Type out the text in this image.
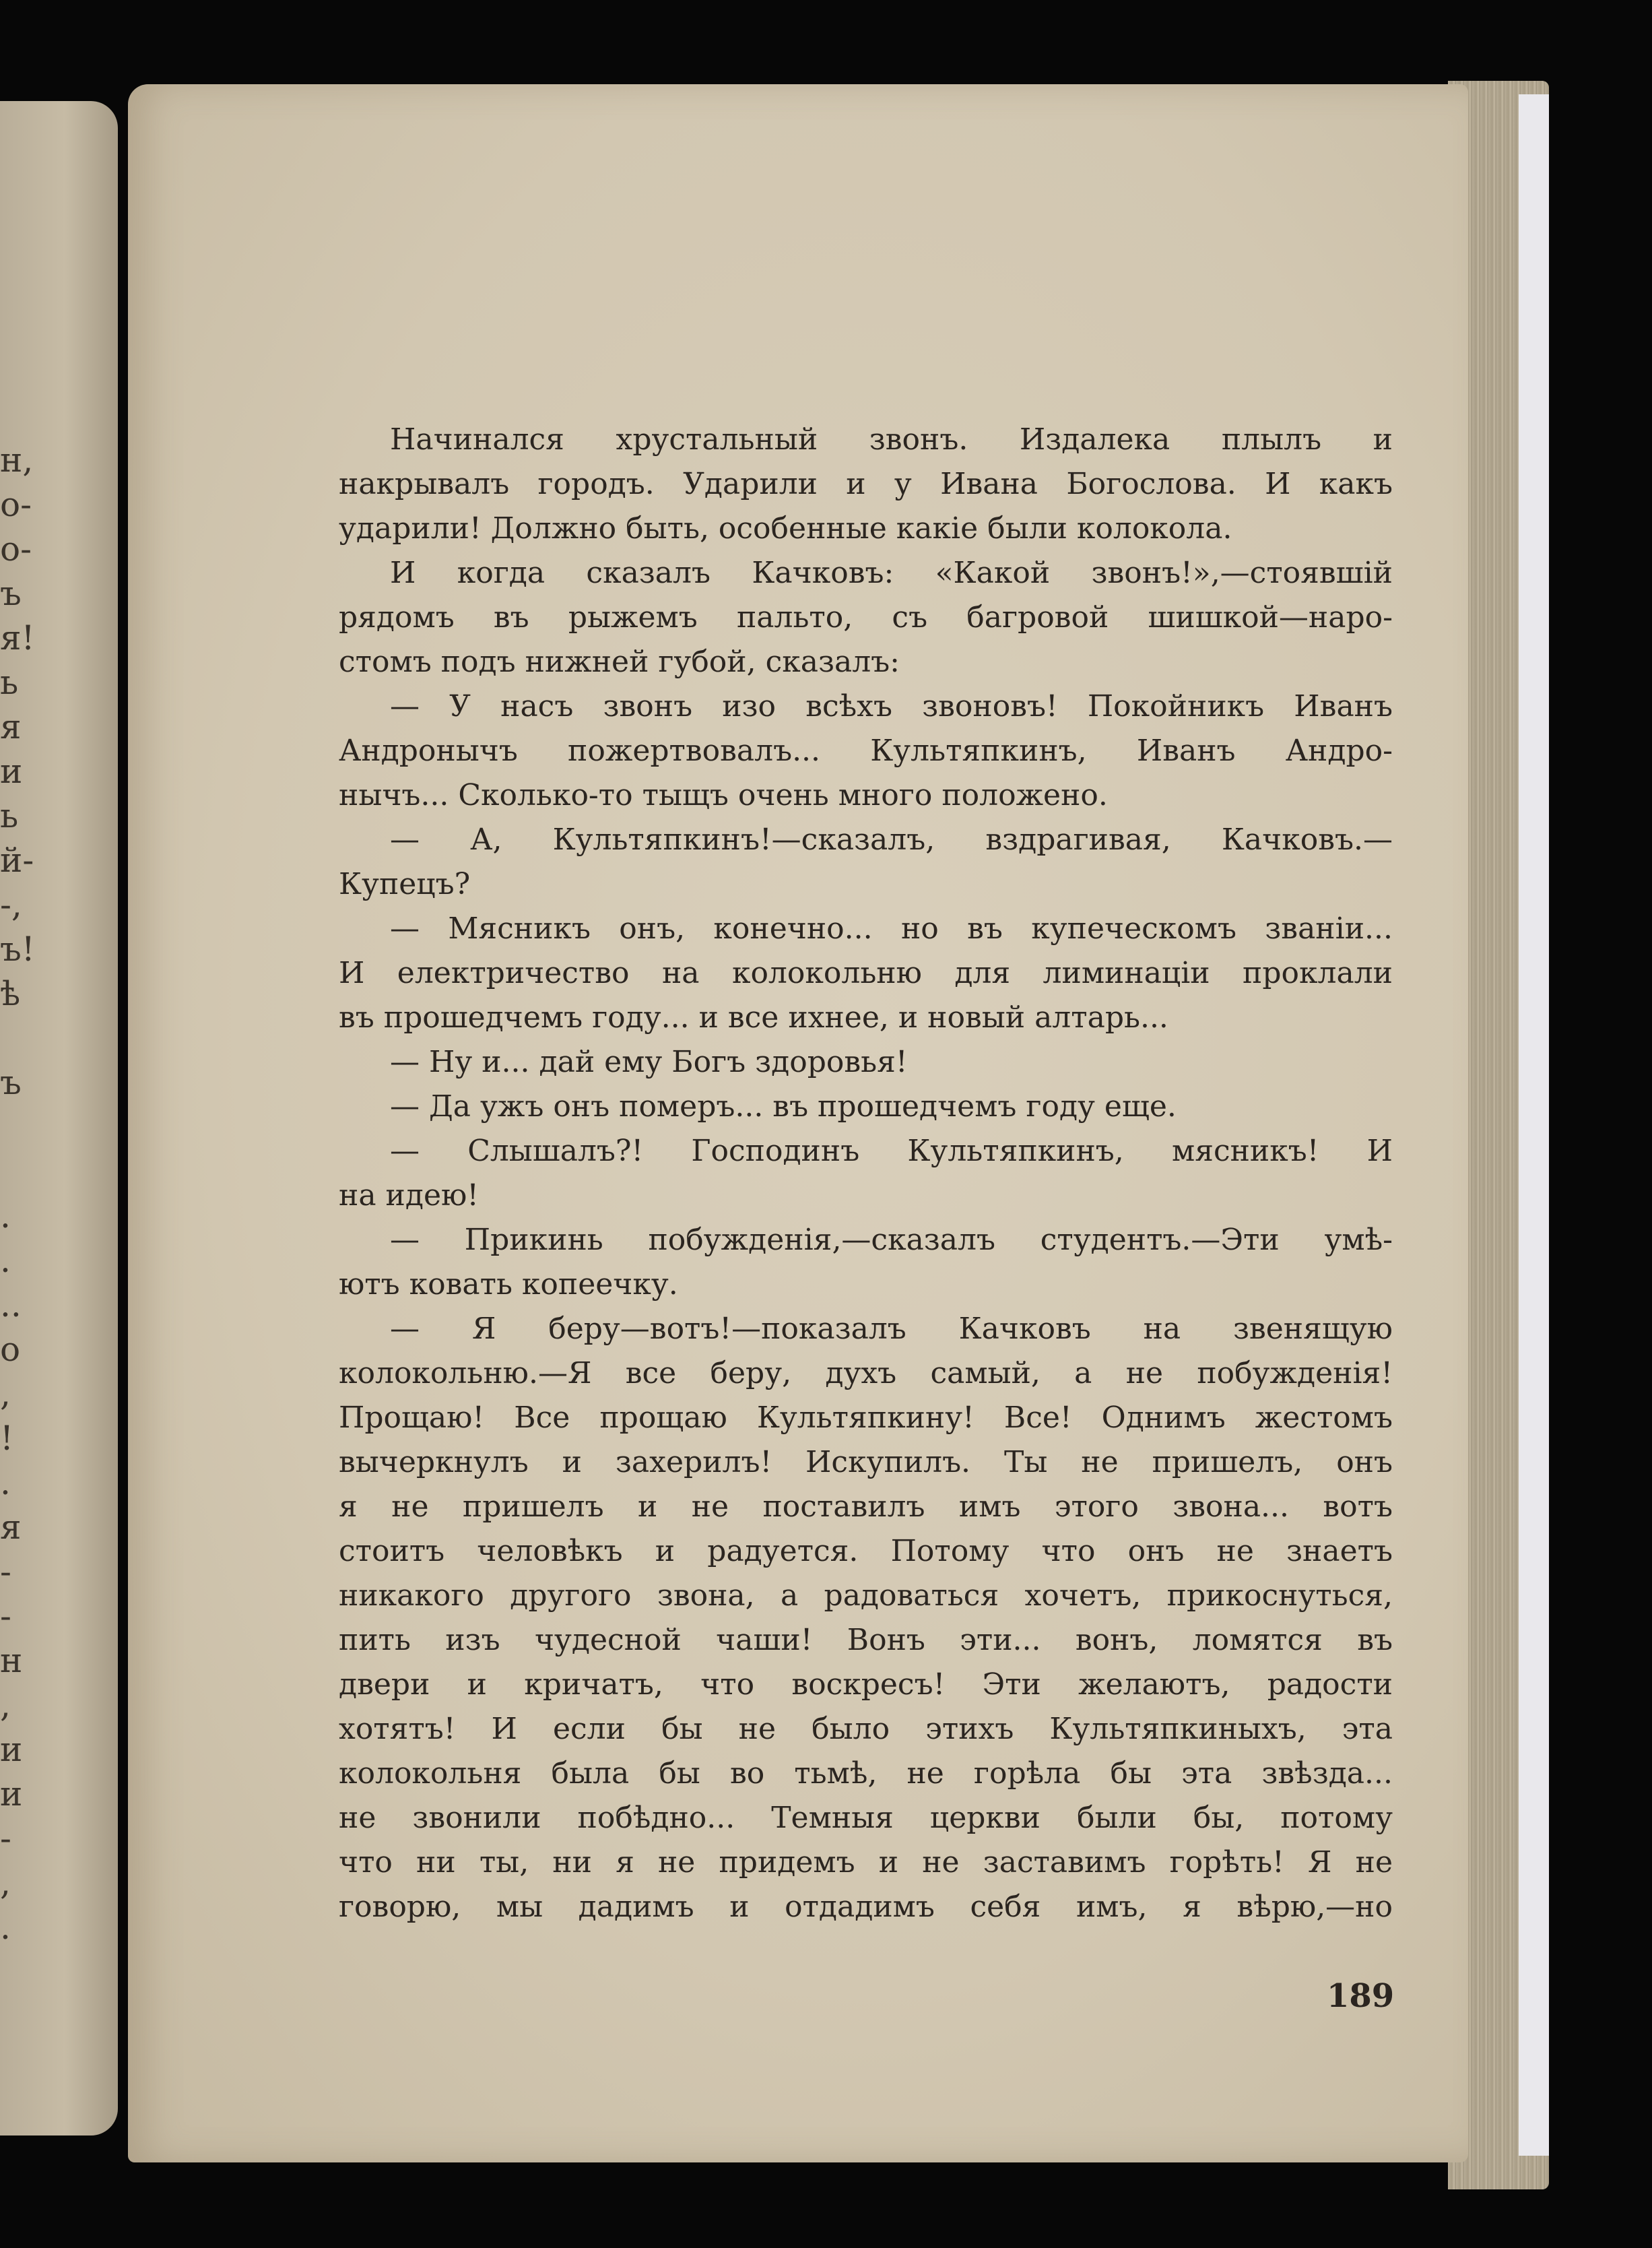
н,
о-
о-
ъ
я!
ь
я
и
ь
й-
-,
ъ!
ѣ
ъ
.
.
..
о
,
!
.
я
-
-
н
,
и
и
-
,
.
Начинался хрустальный звонъ. Издалека плылъ и
накрывалъ городъ. Ударили и у Ивана Богослова. И какъ
ударили! Должно быть, особенные какіе были колокола.
И когда сказалъ Качковъ: «Какой звонъ!»,—стоявшій
рядомъ въ рыжемъ пальто, съ багровой шишкой—наро-
стомъ подъ нижней губой, сказалъ:
— У насъ звонъ изо всѣхъ звоновъ! Покойникъ Иванъ
Андронычъ пожертвовалъ... Культяпкинъ, Иванъ Андро-
нычъ... Сколько-то тыщъ очень много положено.
— А, Культяпкинъ!—сказалъ, вздрагивая, Качковъ.—
Купецъ?
— Мясникъ онъ, конечно... но въ купеческомъ званіи...
И електричество на колокольню для лиминаціи проклали
въ прошедчемъ году... и все ихнее, и новый алтарь...
— Ну и... дай ему Богъ здоровья!
— Да ужъ онъ померъ... въ прошедчемъ году еще.
— Слышалъ?! Господинъ Культяпкинъ, мясникъ! И
на идею!
— Прикинь побужденія,—сказалъ студентъ.—Эти умѣ-
ютъ ковать копеечку.
— Я беру—вотъ!—показалъ Качковъ на звенящую
колокольню.—Я все беру, духъ самый, а не побужденія!
Прощаю! Все прощаю Культяпкину! Все! Однимъ жестомъ
вычеркнулъ и захерилъ! Искупилъ. Ты не пришелъ, онъ
я не пришелъ и не поставилъ имъ этого звона... вотъ
стоитъ человѣкъ и радуется. Потому что онъ не знаетъ
никакого другого звона, а радоваться хочетъ, прикоснуться,
пить изъ чудесной чаши! Вонъ эти... вонъ, ломятся въ
двери и кричатъ, что воскресъ! Эти желаютъ, радости
хотятъ! И если бы не было этихъ Культяпкиныхъ, эта
колокольня была бы во тьмѣ, не горѣла бы эта звѣзда...
не звонили побѣдно... Темныя церкви были бы, потому
что ни ты, ни я не придемъ и не заставимъ горѣть! Я не
говорю, мы дадимъ и отдадимъ себя имъ, я вѣрю,—но
189
